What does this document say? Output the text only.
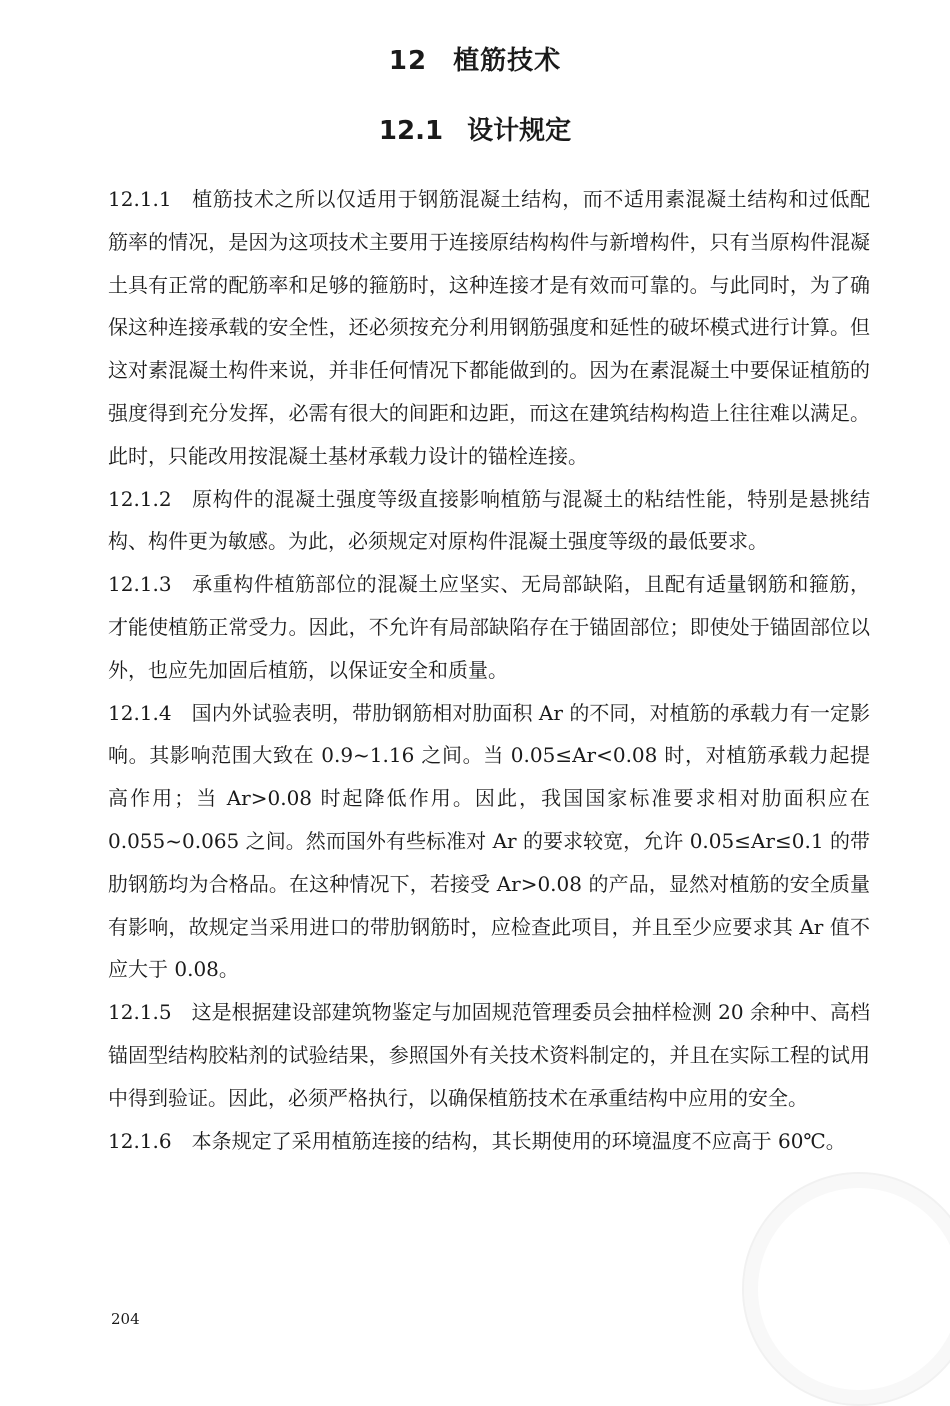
12 植筋技术
12.1 设计规定

12.1.1 植筋技术之所以仅适用于钢筋混凝土结构，而不适用素混凝土结构和过低配筋率的情况，是因为这项技术主要用于连接原结构构件与新增构件，只有当原构件混凝土具有正常的配筋率和足够的箍筋时，这种连接才是有效而可靠的。与此同时，为了确保这种连接承载的安全性，还必须按充分利用钢筋强度和延性的破坏模式进行计算。但这对素混凝土构件来说，并非任何情况下都能做到的。因为在素混凝土中要保证植筋的强度得到充分发挥，必需有很大的间距和边距，而这在建筑结构构造上往往难以满足。此时，只能改用按混凝土基材承载力设计的锚栓连接。

12.1.2 原构件的混凝土强度等级直接影响植筋与混凝土的粘结性能，特别是悬挑结构、构件更为敏感。为此，必须规定对原构件混凝土强度等级的最低要求。

12.1.3 承重构件植筋部位的混凝土应坚实、无局部缺陷，且配有适量钢筋和箍筋，才能使植筋正常受力。因此，不允许有局部缺陷存在于锚固部位；即使处于锚固部位以外，也应先加固后植筋，以保证安全和质量。

12.1.4 国内外试验表明，带肋钢筋相对肋面积 Ar 的不同，对植筋的承载力有一定影响。其影响范围大致在 0.9~1.16 之间。当 0.05≤Ar<0.08 时，对植筋承载力起提高作用；当 Ar>0.08 时起降低作用。因此，我国国家标准要求相对肋面积应在 0.055~0.065 之间。然而国外有些标准对 Ar 的要求较宽，允许 0.05≤Ar≤0.1 的带肋钢筋均为合格品。在这种情况下，若接受 Ar>0.08 的产品，显然对植筋的安全质量有影响，故规定当采用进口的带肋钢筋时，应检查此项目，并且至少应要求其 Ar 值不应大于 0.08。

12.1.5 这是根据建设部建筑物鉴定与加固规范管理委员会抽样检测 20 余种中、高档锚固型结构胶粘剂的试验结果，参照国外有关技术资料制定的，并且在实际工程的试用中得到验证。因此，必须严格执行，以确保植筋技术在承重结构中应用的安全。

12.1.6 本条规定了采用植筋连接的结构，其长期使用的环境温度不应高于 60℃。

204
